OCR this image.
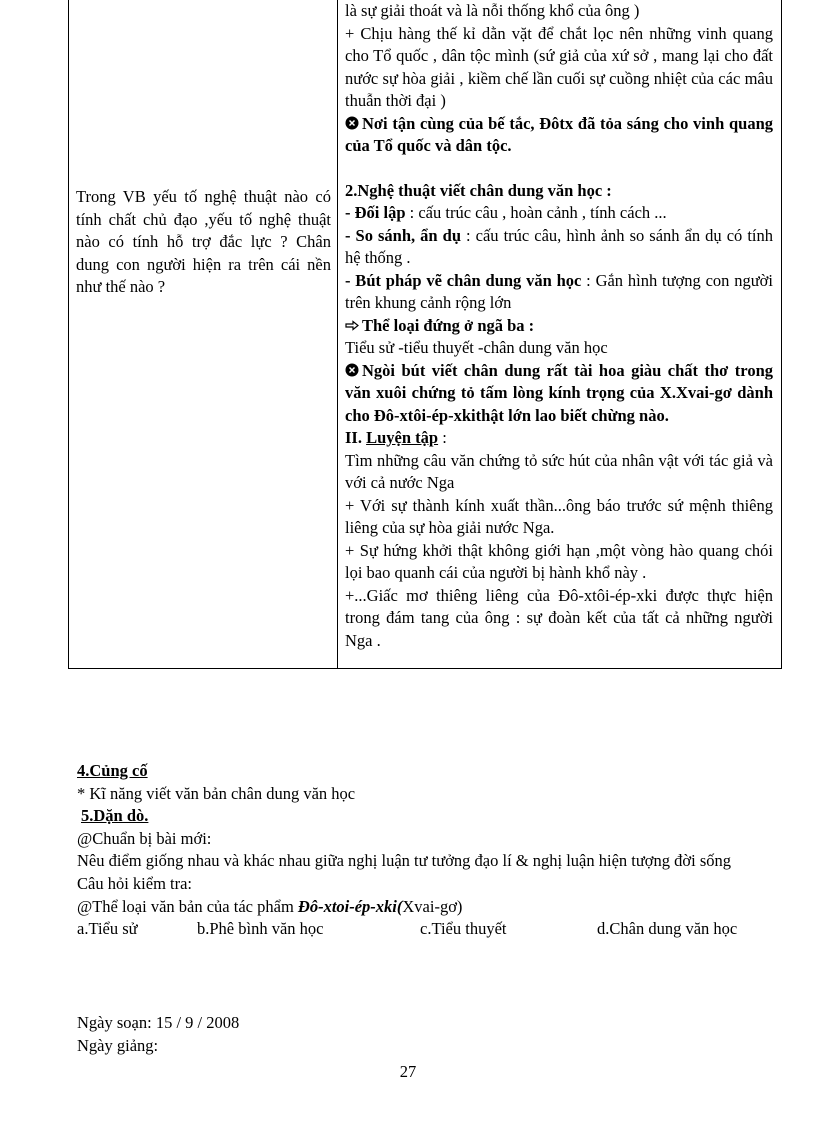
Trong VB yếu tố nghệ thuật nào có tính chất chủ đạo ,yếu tố nghệ thuật nào có tính hỗ trợ đắc lực ? Chân dung con người hiện ra trên cái nền như thế nào ?

là sự giải thoát và là nỗi thống khổ của ông )

+ Chịu hàng thế kỉ dằn vặt để chắt lọc nên những vinh quang cho Tổ quốc , dân tộc mình (sứ giả của xứ sở , mang lại cho đất nước sự hòa giải , kiềm chế lần cuối sự cuồng nhiệt của các mâu thuẫn thời đại )

Nơi tận cùng của bế tắc, Đôtx đã tỏa sáng cho vinh quang của Tổ quốc và dân tộc.

2.Nghệ thuật viết chân dung văn học :

- Đối lập : cấu trúc câu , hoàn cảnh , tính cách ...

- So sánh, ẩn dụ : cấu trúc câu, hình ảnh so sánh ẩn dụ có tính hệ thống .

- Bút pháp vẽ chân dung văn học : Gắn hình tượng con người trên khung cảnh rộng lớn

Thể loại đứng ở ngã ba :

Tiểu sử -tiểu thuyết -chân dung văn học

Ngòi bút viết chân dung rất tài hoa giàu chất thơ trong văn xuôi chứng tỏ tấm lòng kính trọng của X.Xvai-gơ dành cho Đô-xtôi-ép-xkithật lớn lao biết chừng nào.

II. Luyện tập :

Tìm những câu văn chứng tỏ sức hút của nhân vật với tác giả và với cả nước Nga

+ Với sự thành kính xuất thần...ông báo trước sứ mệnh thiêng liêng của sự hòa giải nước Nga.

+ Sự hứng khởi thật không giới hạn ,một vòng hào quang chói lọi bao quanh cái của người bị hành khổ này .

+...Giấc mơ thiêng liêng của Đô-xtôi-ép-xki được thực hiện trong đám tang của ông : sự đoàn kết của tất cả những người Nga .

4.Củng cố

* Kĩ năng viết văn bản chân dung văn học

5.Dặn dò.

@Chuẩn bị bài mới:

Nêu điểm giống nhau và khác nhau giữa nghị luận tư tưởng đạo lí & nghị luận hiện tượng đời sống

Câu hỏi kiểm tra:

@Thể loại văn bản của tác phẩm Đô-xtoi-ép-xki(Xvai-gơ)

a.Tiểu sử	b.Phê bình văn học	c.Tiểu thuyết	d.Chân dung văn học

Ngày soạn: 15 / 9 / 2008

Ngày giảng:

27
